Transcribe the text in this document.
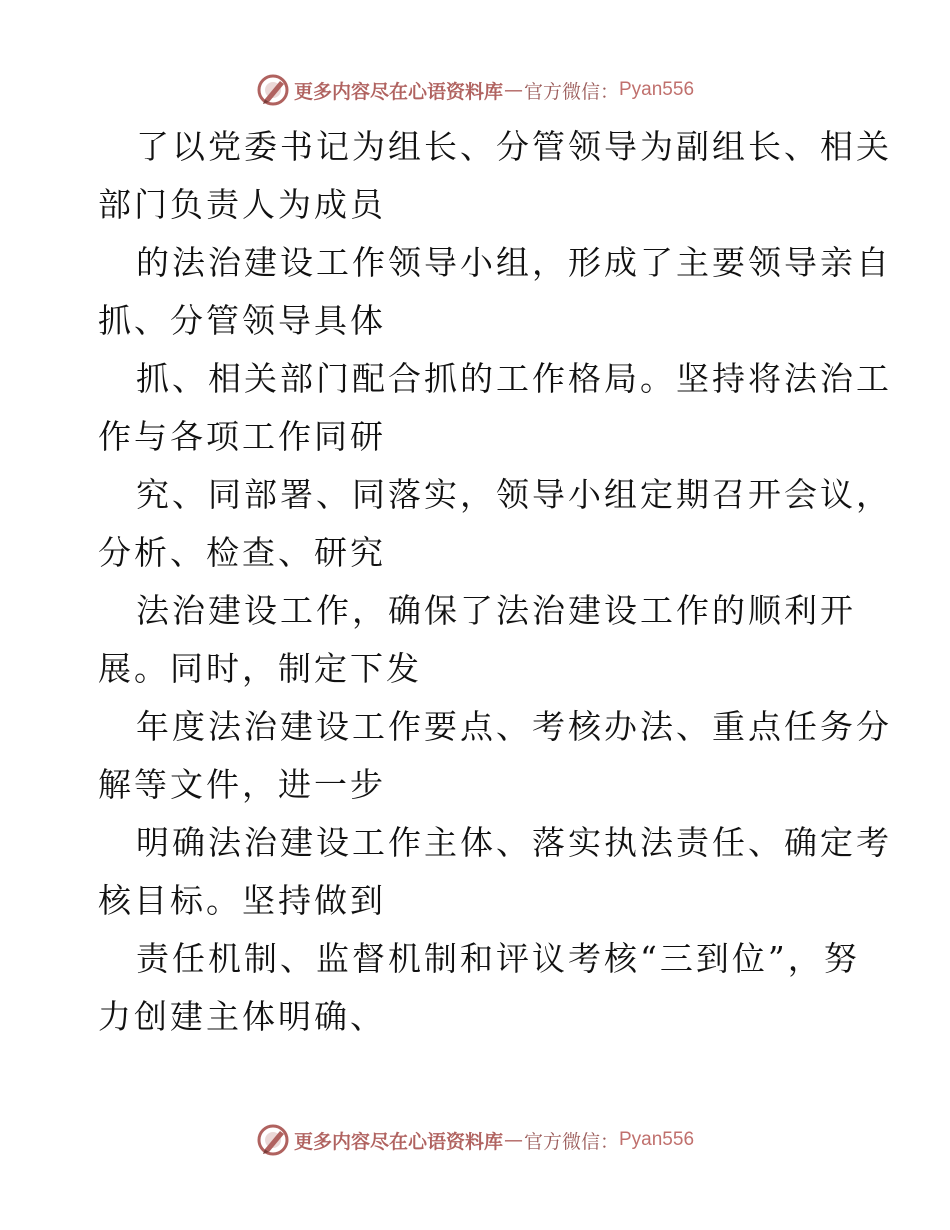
更多内容尽在心语资料库 — 官方微信： Pyan556
了以党委书记为组长、分管领导为副组长、相关
部门负责人为成员
的法治建设工作领导小组，形成了主要领导亲自
抓、分管领导具体
抓、相关部门配合抓的工作格局。坚持将法治工
作与各项工作同研
究、同部署、同落实，领导小组定期召开会议，
分析、检查、研究
法治建设工作，确保了法治建设工作的顺利开
展。同时，制定下发
年度法治建设工作要点、考核办法、重点任务分
解等文件，进一步
明确法治建设工作主体、落实执法责任、确定考
核目标。坚持做到
责任机制、监督机制和评议考核“三到位”，努
力创建主体明确、
更多内容尽在心语资料库 — 官方微信： Pyan556
